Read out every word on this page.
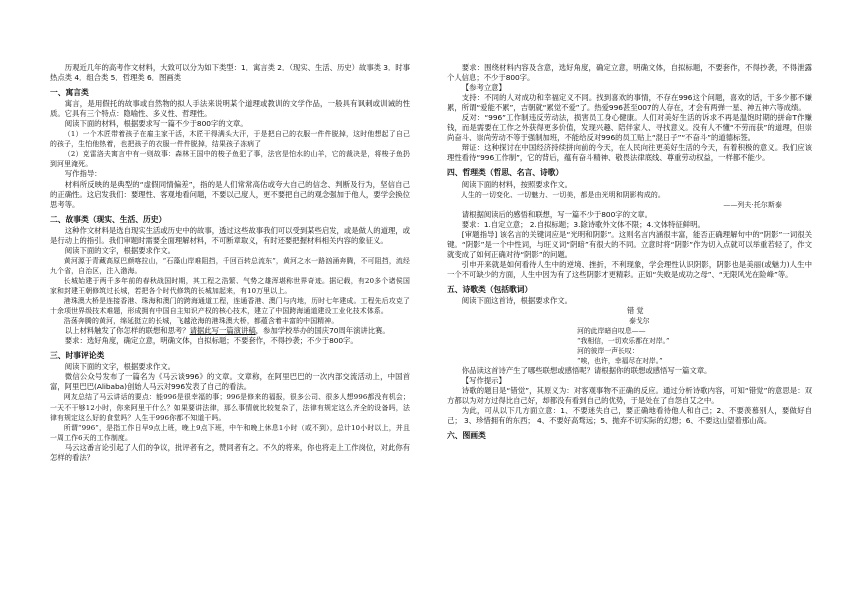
历观近几年的高考作文材料，大致可以分为如下类型：1．寓言类 2．（现实、生活、历史）故事类 3．时事热点类 4．组合类 5．哲理类 6．图画类

一、寓言类

寓言，是用假托的故事或自然物的拟人手法来说明某个道理或教训的文学作品，一般具有讽刺或训诫的性质。它具有三个特点：隐喻性、多义性、哲理性。

阅读下面的材料，根据要求写一篇不少于800字的文章。

（1）一个木匠带着孩子在雇主家干活，木匠干得满头大汗，于是把自己的衣服一件件脱掉，这时他想起了自己的孩子，生怕他热着，也把孩子的衣服一件件脱掉，结果孩子冻病了

（2）克雷洛夫寓言中有一则故事：森林王国中的梭子鱼犯了事，法官是怕水的山羊，它的裁决是，将梭子鱼扔到河里淹死。

写作指导：

材料所反映的是典型的“虚假同情偏差”，指的是人们常常高估或夸大自己的信念、判断及行为，坚信自己的正确性。这启发我们：要理性、客观地看问题，不要以己度人，更不要把自己的观念强加于他人，要学会换位思考等。

二、故事类（现实、生活、历史）

这种作文材料是选自现实生活或历史中的故事，透过这些故事我们可以受到某些启发，或是做人的道理，或是行动上的指引。我们审题时需要全面理解材料，不可断章取义，有时还要把握材料相关内容的象征义。

阅读下面的文字，根据要求作文。

黄河源于青藏高原巴颜喀拉山，“石藻山岸难阻挡，千回百转总流东”，黄河之水一路汹涌奔腾，不可阻挡，流经九个省，自治区，注入渤海。

长城始建于两千多年前的春秋战国时期，其工程之浩繁、气势之雄浑堪称世界奇迹。据记载，有20多个诸侯国家和封建王朝修筑过长城，若把各个时代修筑的长城加起来，有10万里以上。

港珠澳大桥是连接香港、珠海和澳门的跨海通道工程，连通香港、澳门与内地，历时七年建成。工程先后攻克了十余项世界级技术难题，形成拥有中国自主知识产权的核心技术，建立了中国跨海通道建设工业化技术体系。

浩荡奔腾的黄河，绵延挺立的长城，飞越沧海的港珠澳大桥，都蕴含着丰富的中国精神。

以上材料触发了你怎样的联想和思考？请据此写一篇演讲稿，参加学校举办的国庆70周年演讲比赛。

要求：选好角度，确定立意，明确文体，自拟标题；不要套作，不得抄袭；不少于800字。

三、时事评论类

阅读下面的文字，根据要求作文。

微信公众号发布了一篇名为《马云谈996》的文章。文章称，在阿里巴巴的一次内部交流活动上，中国首富，阿里巴巴(Alibaba)创始人马云对996发表了自己的看法。

网友总结了马云讲话的要点：能996是很幸福的事；996是修来的福报，很多公司、很多人想996都没有机会；一天不干够12小时，你来阿里干什么？如果要讲法律，那么事情就比较复杂了，法律有规定这么齐全的设备吗，法律有规定这么好的食堂吗？人生干996你都不知道干吗。

所谓“996”，是指工作日早9点上班，晚上9点下班，中午和晚上休息1小时（或不到），总计10小时以上，并且一周工作6天的工作制度。

马云这番言论引起了人们的争议，批评者有之，赞同者有之。不久的将来，你也将走上工作岗位，对此你有怎样的看法？

要求：围绕材料内容及含意，选好角度，确定立意，明确文体，自拟标题，不要套作，不得抄袭，不得泄露个人信息；不少于800字。

【参考立意】

支持：不同的人对成功和幸福定义不同。找到喜欢的事情，不存在996这个问题，喜欢的话，干多少都不嫌累，所谓“爱能不累”，吉朝就“累觉不爱”了。热爱996甚至007的人存在，才会有两弹一星、神五神六等成绩。

反对：“996”工作制违反劳动法，损害员工身心健康。人们对美好生活的诉求不再是温饱时期的拼命T作赚钱，而是需要在工作之外获得更多价值，发现兴趣、陪伴家人、寻找意义。没有人不懂“不劳而获”的道理，但崇尚奋斗、崇尚劳动不等于强制加班，不能给反对996的员工贴上“混日子”“不奋斗”的道德标签。

辩证：这种探讨在中国经济持续拼向前的今天，在人民向往更美好生活的今天，有着积极的意义。我们应该理性看待“996工作制”，它的背后，蕴有奋斗精神、敬畏法律底线、尊重劳动权益，一样都不能少。

四、哲理类（哲思、名言、诗歌）

阅读下面的材料，按照要求作文。

人生的一切变化、一切魅力、一切美，都是由光明和阴影构成的。

——列夫·托尔斯泰

请根据阅读后的感悟和联想，写一篇不少于800字的文章。

要求：1.自定立意； 2.自拟标题；3.除诗歌外文体不限；4.文体特征鲜明。

[审题指导] 该名言的关键词应是“光明和阴影”。这则名言内涵很丰富，能否正确理解句中的“阴影”一词很关键。“阴影”是一个中性词，与旺义词“阴暗”有很大的不同。立意时将“阴影”作为切入点就可以举重若轻了，作文就变成了如何正确对待“阴影”的问题。

引申开来就是如何看待人生中的逆境、挫折，不利现象，学会理性认识阴影，阴影也是美丽(或魅力)人生中一个不可缺少的方面，人生中因为有了这些阴影才更精彩。正如“失败是成功之母”、“无限风光在险峰”等。

五、诗歌类（包括歌词）

阅读下面这首诗，根据要求作文。

错 觉
泰戈尔
河的此岸暗自叹息——
“我相信，一切欢乐都在对岸。”
河的彼岸一声长叹：
“唉，也许，幸福尽在对岸。”

你品读这首诗产生了哪些联想或感悟呢？请根据你的联想或感悟写一篇文章。

【写作提示】

诗歌的题目是“错觉”，其原义为：对客观事物不正确的反应。通过分析诗歌内容，可知“错觉”的意思是：双方都以为对方过得比自己好，却都没有看到自己的优势，于是处在了自怨自艾之中。

为此，可从以下几方面立意：1、不要迷失自己，要正确地看待他人和自己；2、不要羡慕别人，要做好自己； 3、珍惜拥有的东西； 4、不要好高骛远；5、抛弃不切实际的幻想；6、不要这山望着那山高。

六、图画类
